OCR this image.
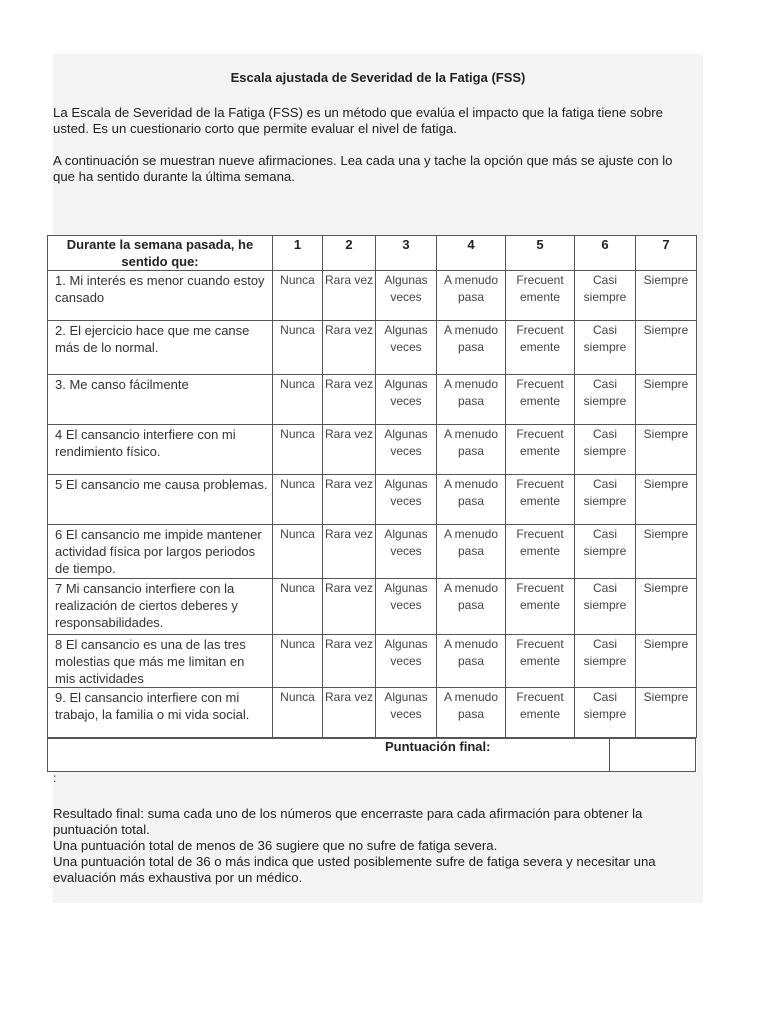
Escala ajustada de Severidad de la Fatiga (FSS)
La Escala de Severidad de la Fatiga (FSS) es un método que evalúa el impacto que la fatiga tiene sobre
usted. Es un cuestionario corto que permite evaluar el nivel de fatiga.
A continuación se muestran nueve afirmaciones. Lea cada una y tache la opción que más se ajuste con lo
que ha sentido durante la última semana.
Durante la semana pasada, he sentido que:	1	2	3	4	5	6	7
1. Mi interés es menor cuando estoy cansado	Nunca	Rara vez	Algunas veces	A menudo pasa	Frecuent emente	Casi siempre	Siempre
2. El ejercicio hace que me canse más de lo normal.	Nunca	Rara vez	Algunas veces	A menudo pasa	Frecuent emente	Casi siempre	Siempre
3. Me canso fácilmente	Nunca	Rara vez	Algunas veces	A menudo pasa	Frecuent emente	Casi siempre	Siempre
4 El cansancio interfiere con mi rendimiento físico.	Nunca	Rara vez	Algunas veces	A menudo pasa	Frecuent emente	Casi siempre	Siempre
5 El cansancio me causa problemas.	Nunca	Rara vez	Algunas veces	A menudo pasa	Frecuent emente	Casi siempre	Siempre
6 El cansancio me impide mantener actividad física por largos periodos de tiempo.	Nunca	Rara vez	Algunas veces	A menudo pasa	Frecuent emente	Casi siempre	Siempre
7 Mi cansancio interfiere con la realización de ciertos deberes y responsabilidades.	Nunca	Rara vez	Algunas veces	A menudo pasa	Frecuent emente	Casi siempre	Siempre
8 El cansancio es una de las tres molestias que más me limitan en mis actividades	Nunca	Rara vez	Algunas veces	A menudo pasa	Frecuent emente	Casi siempre	Siempre
9. El cansancio interfiere con mi trabajo, la familia o mi vida social.	Nunca	Rara vez	Algunas veces	A menudo pasa	Frecuent emente	Casi siempre	Siempre
Puntuación final:
:
Resultado final: suma cada uno de los números que encerraste para cada afirmación para obtener la puntuación total.
Una puntuación total de menos de 36 sugiere que no sufre de fatiga severa.
Una puntuación total de 36 o más indica que usted posiblemente sufre de fatiga severa y necesitar una evaluación más exhaustiva por un médico.
